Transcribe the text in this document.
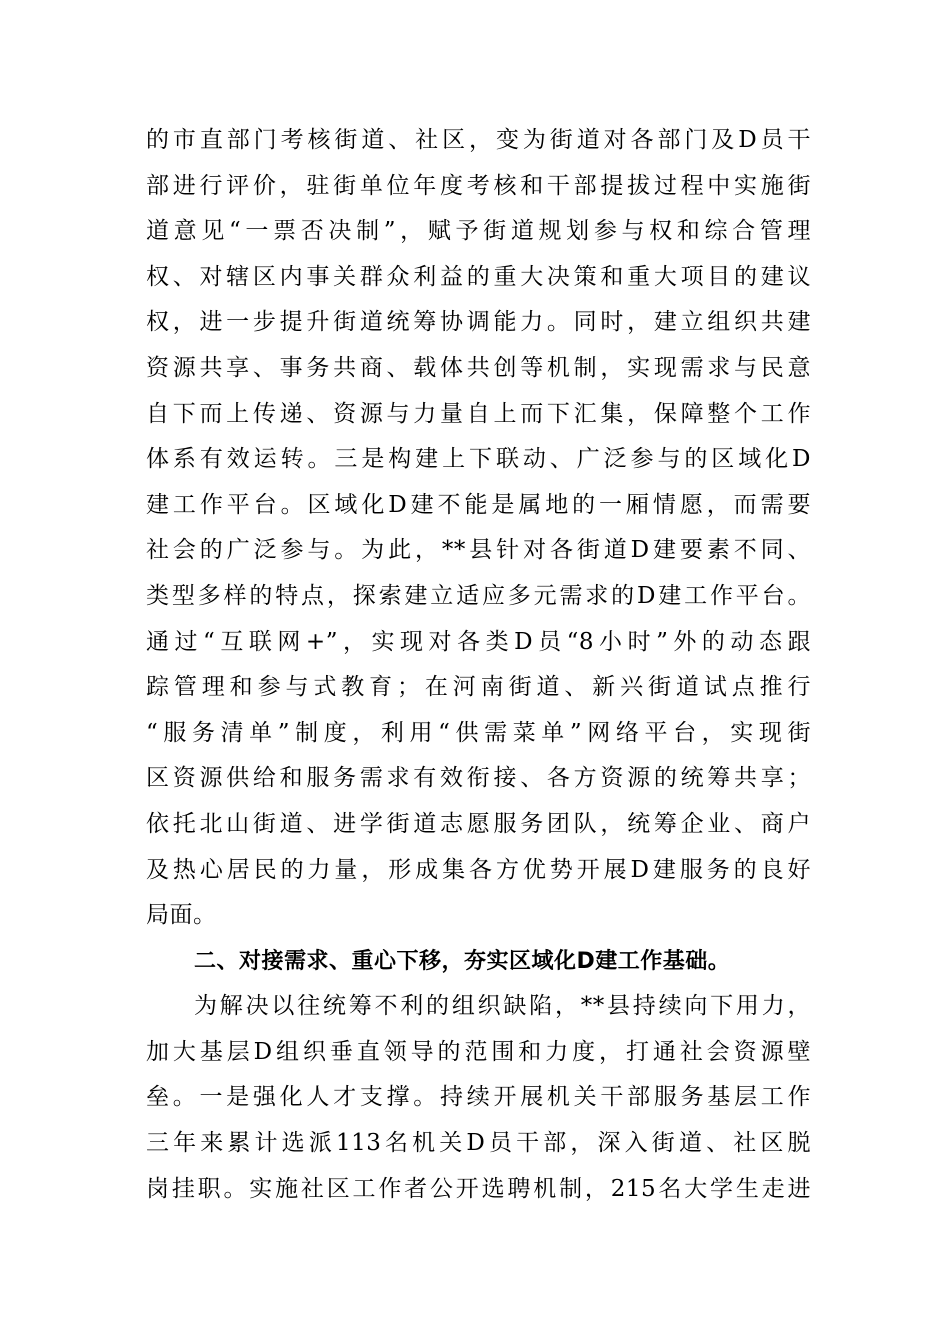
的市直部门考核街道、社区，变为街道对各部门及D员干
部进行评价，驻街单位年度考核和干部提拔过程中实施街
道意见“一票否决制”，赋予街道规划参与权和综合管理
权、对辖区内事关群众利益的重大决策和重大项目的建议
权，进一步提升街道统筹协调能力。同时，建立组织共建
资源共享、事务共商、载体共创等机制，实现需求与民意
自下而上传递、资源与力量自上而下汇集，保障整个工作
体系有效运转。三是构建上下联动、广泛参与的区域化D
建工作平台。区域化D建不能是属地的一厢情愿，而需要
社会的广泛参与。为此，**县针对各街道D建要素不同、
类型多样的特点，探索建立适应多元需求的D建工作平台。
通过“互联网+”，实现对各类D员“8小时”外的动态跟
踪管理和参与式教育；在河南街道、新兴街道试点推行
“服务清单”制度，利用“供需菜单”网络平台，实现街
区资源供给和服务需求有效衔接、各方资源的统筹共享；
依托北山街道、进学街道志愿服务团队，统筹企业、商户
及热心居民的力量，形成集各方优势开展D建服务的良好
局面。
二、对接需求、重心下移，夯实区域化D建工作基础。
为解决以往统筹不利的组织缺陷，**县持续向下用力，
加大基层D组织垂直领导的范围和力度，打通社会资源壁
垒。一是强化人才支撑。持续开展机关干部服务基层工作
三年来累计选派113名机关D员干部，深入街道、社区脱
岗挂职。实施社区工作者公开选聘机制，215名大学生走进
